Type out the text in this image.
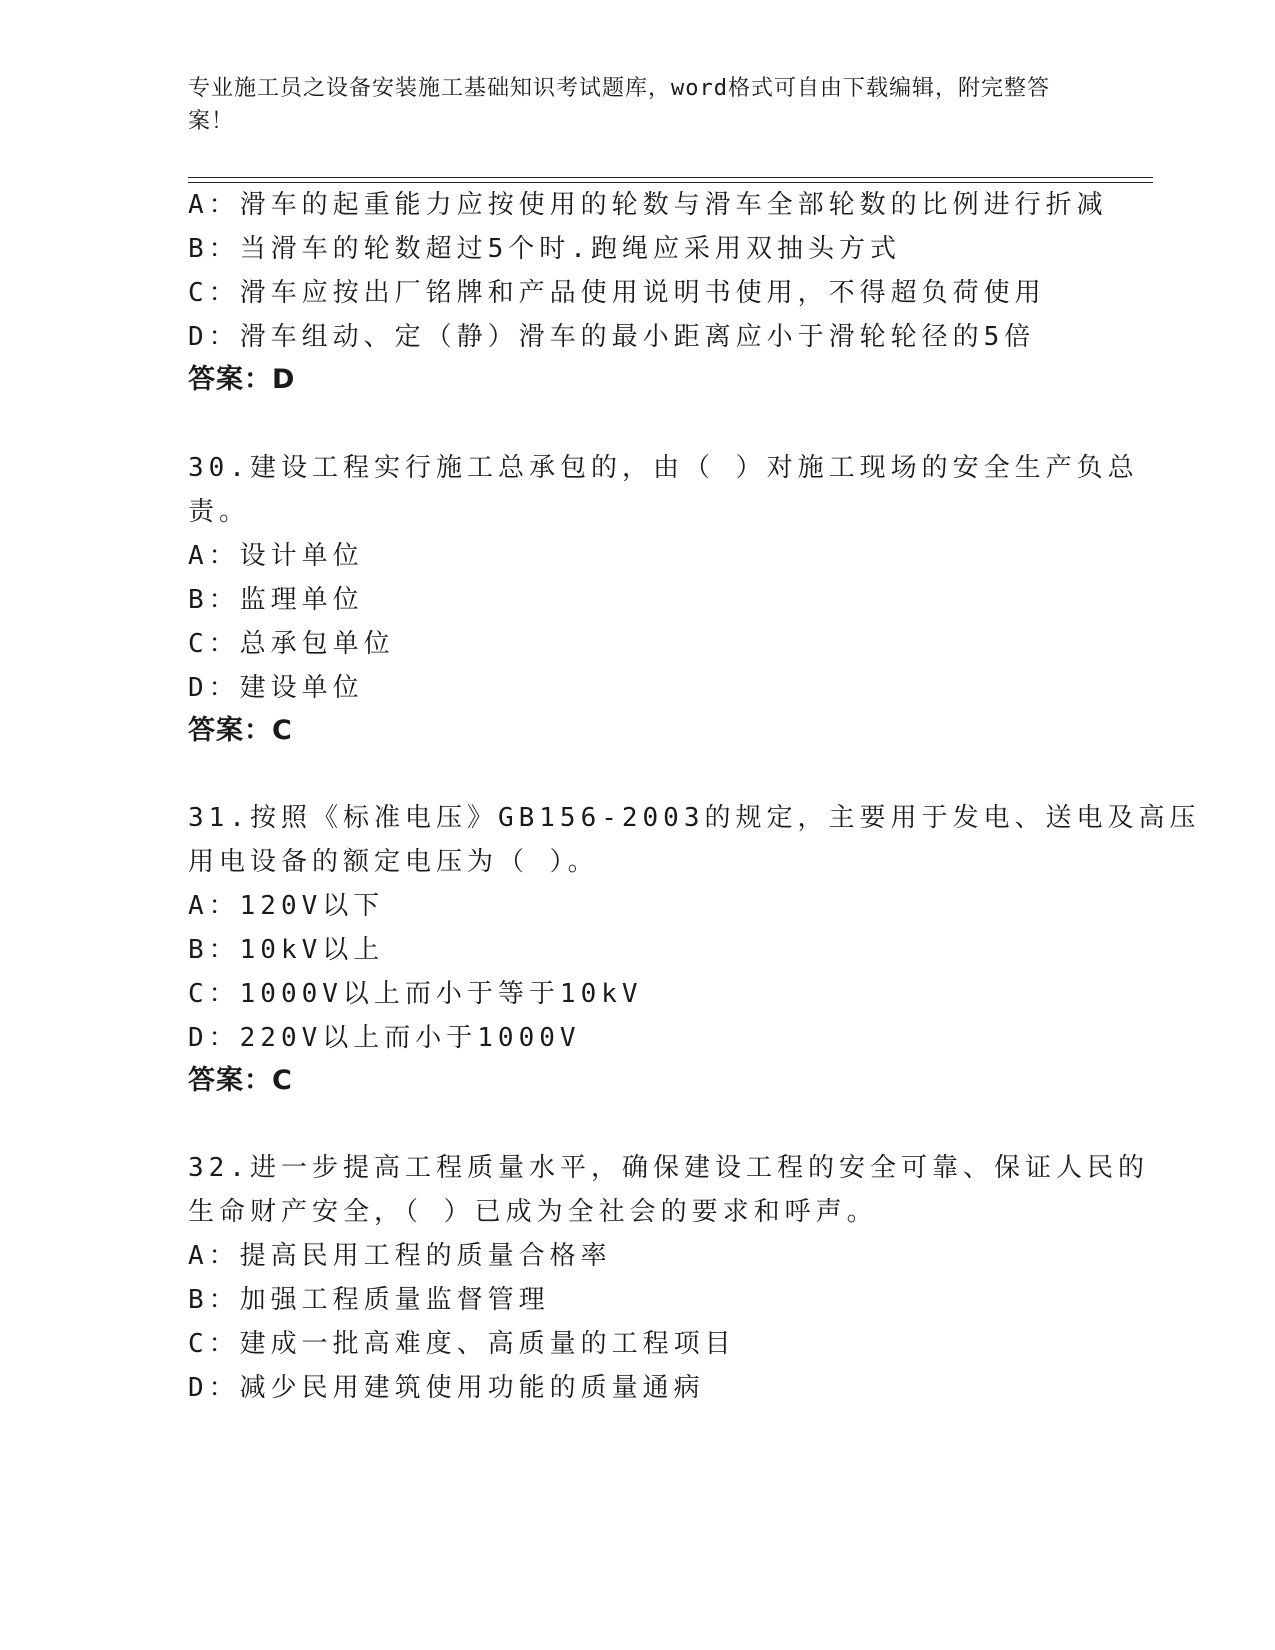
专业施工员之设备安装施工基础知识考试题库，word格式可自由下载编辑，附完整答案！
A：滑车的起重能力应按使用的轮数与滑车全部轮数的比例进行折减
B：当滑车的轮数超过5个时.跑绳应采用双抽头方式
C：滑车应按出厂铭牌和产品使用说明书使用，不得超负荷使用
D：滑车组动、定（静）滑车的最小距离应小于滑轮轮径的5倍
答案：D
30.建设工程实行施工总承包的，由（ ）对施工现场的安全生产负总
责。
A：设计单位
B：监理单位
C：总承包单位
D：建设单位
答案：C
31.按照《标准电压》GB156-2003的规定，主要用于发电、送电及高压
用电设备的额定电压为（ ）。
A：120V以下
B：10kV以上
C：1000V以上而小于等于10kV
D：220V以上而小于1000V
答案：C
32.进一步提高工程质量水平，确保建设工程的安全可靠、保证人民的
生命财产安全，（ ）已成为全社会的要求和呼声。
A：提高民用工程的质量合格率
B：加强工程质量监督管理
C：建成一批高难度、高质量的工程项目
D：减少民用建筑使用功能的质量通病
